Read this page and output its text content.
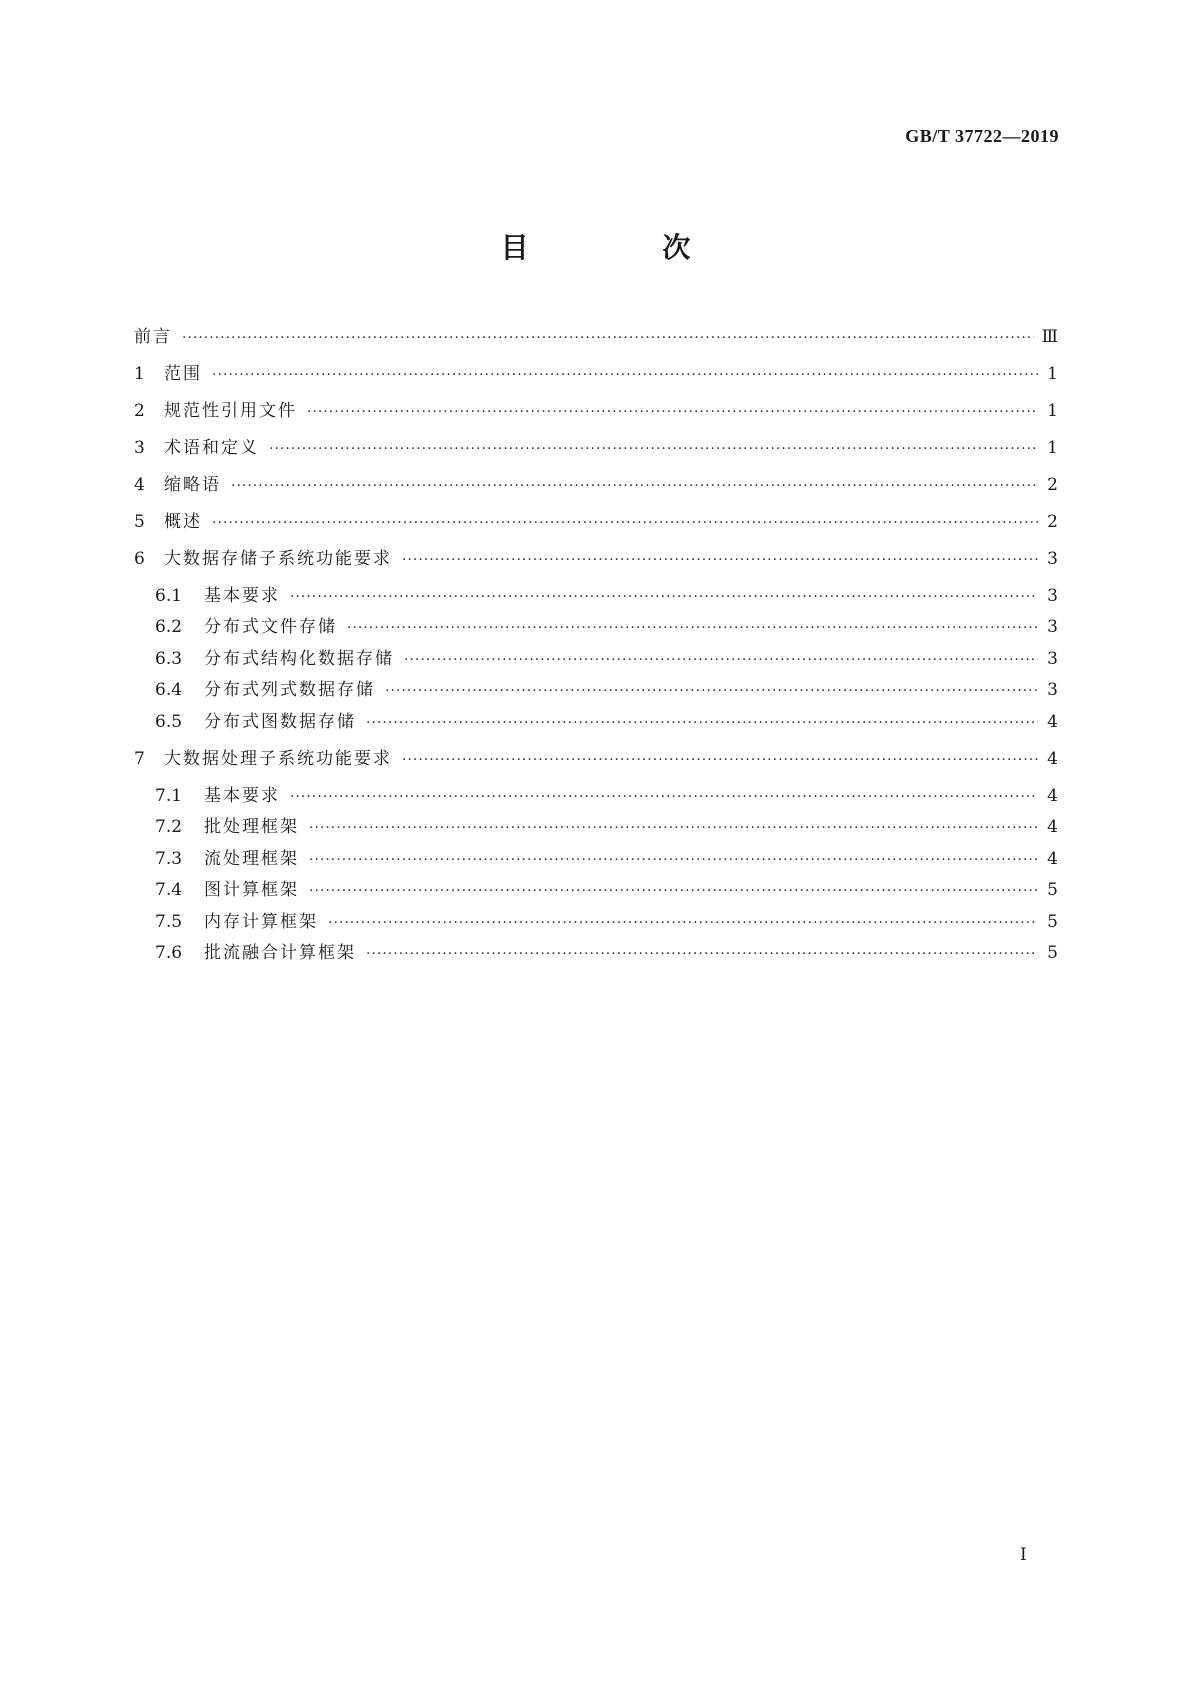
GB/T 37722—2019

目 次
前言 ·····	Ⅲ
1	范围 ·····	1
2	规范性引用文件 ·····	1
3	术语和定义 ·····	1
4	缩略语 ·····	2
5	概述 ·····	2
6	大数据存储子系统功能要求 ·····	3
6.1	基本要求 ·····	3
6.2	分布式文件存储 ·····	3
6.3	分布式结构化数据存储 ·····	3
6.4	分布式列式数据存储 ·····	3
6.5	分布式图数据存储 ·····	4
7	大数据处理子系统功能要求 ·····	4
7.1	基本要求 ·····	4
7.2	批处理框架 ·····	4
7.3	流处理框架 ·····	4
7.4	图计算框架 ·····	5
7.5	内存计算框架 ·····	5
7.6	批流融合计算框架 ·····	5

Ⅰ
